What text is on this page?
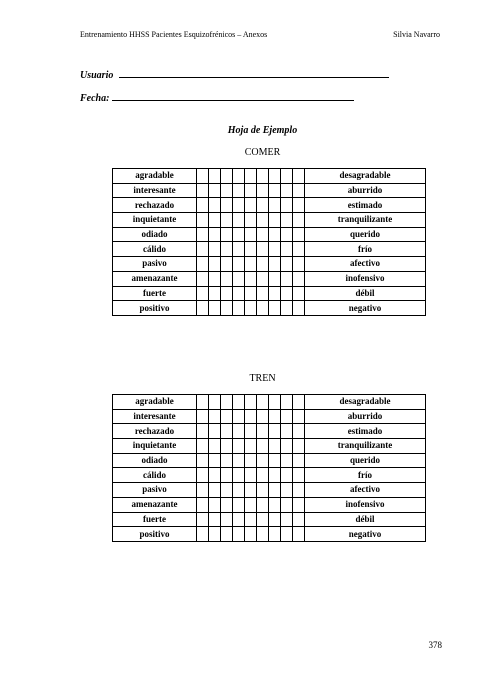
Entrenamiento HHSS Pacientes Esquizofrénicos – Anexos	Silvia Navarro
Usuario
Fecha:
Hoja de Ejemplo
COMER
agradable										desagradable
interesante										aburrido
rechazado										estimado
inquietante										tranquilizante
odiado										querido
cálido										frío
pasivo										afectivo
amenazante										inofensivo
fuerte										débil
positivo										negativo
TREN
agradable										desagradable
interesante										aburrido
rechazado										estimado
inquietante										tranquilizante
odiado										querido
cálido										frío
pasivo										afectivo
amenazante										inofensivo
fuerte										débil
positivo										negativo
378
